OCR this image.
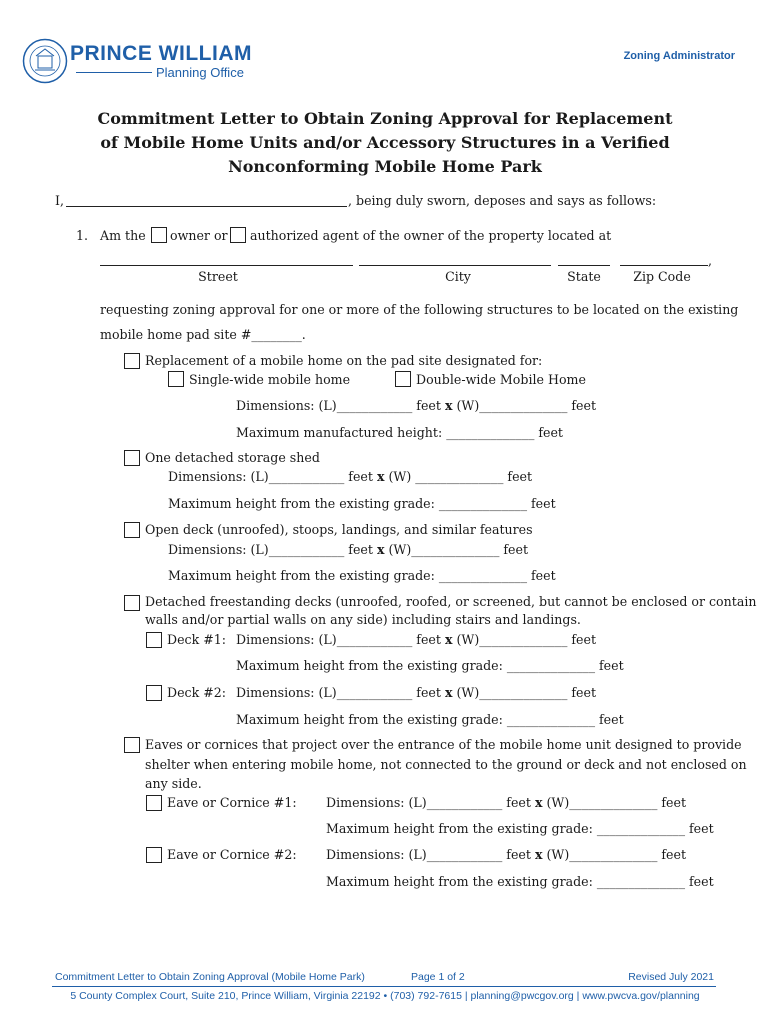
PRINCE WILLIAM
Planning Office
Zoning Administrator
Commitment Letter to Obtain Zoning Approval for Replacement
of Mobile Home Units and/or Accessory Structures in a Verified
Nonconforming Mobile Home Park
I,	, being duly sworn, deposes and says as follows:
1. Am the owner or authorized agent of the owner of the property located at
,
Street	City	State	Zip Code
requesting zoning approval for one or more of the following structures to be located on the existing
mobile home pad site #________.
Replacement of a mobile home on the pad site designated for:
Single-wide mobile home	Double-wide Mobile Home
Dimensions: (L)____________ feet x (W)______________ feet
Maximum manufactured height: ______________ feet
One detached storage shed
Dimensions: (L)____________ feet x (W) ______________ feet
Maximum height from the existing grade: ______________ feet
Open deck (unroofed), stoops, landings, and similar features
Dimensions: (L)____________ feet x (W)______________ feet
Maximum height from the existing grade: ______________ feet
Detached freestanding decks (unroofed, roofed, or screened, but cannot be enclosed or contain
walls and/or partial walls on any side) including stairs and landings.
Deck #1: Dimensions: (L)____________ feet x (W)______________ feet
Maximum height from the existing grade: ______________ feet
Deck #2: Dimensions: (L)____________ feet x (W)______________ feet
Maximum height from the existing grade: ______________ feet
Eaves or cornices that project over the entrance of the mobile home unit designed to provide
shelter when entering mobile home, not connected to the ground or deck and not enclosed on
any side.
Eave or Cornice #1: Dimensions: (L)____________ feet x (W)______________ feet
Maximum height from the existing grade: ______________ feet
Eave or Cornice #2: Dimensions: (L)____________ feet x (W)______________ feet
Maximum height from the existing grade: ______________ feet
Commitment Letter to Obtain Zoning Approval (Mobile Home Park)	Page 1 of 2	Revised July 2021
5 County Complex Court, Suite 210, Prince William, Virginia 22192 • (703) 792-7615 | planning@pwcgov.org | www.pwcva.gov/planning
